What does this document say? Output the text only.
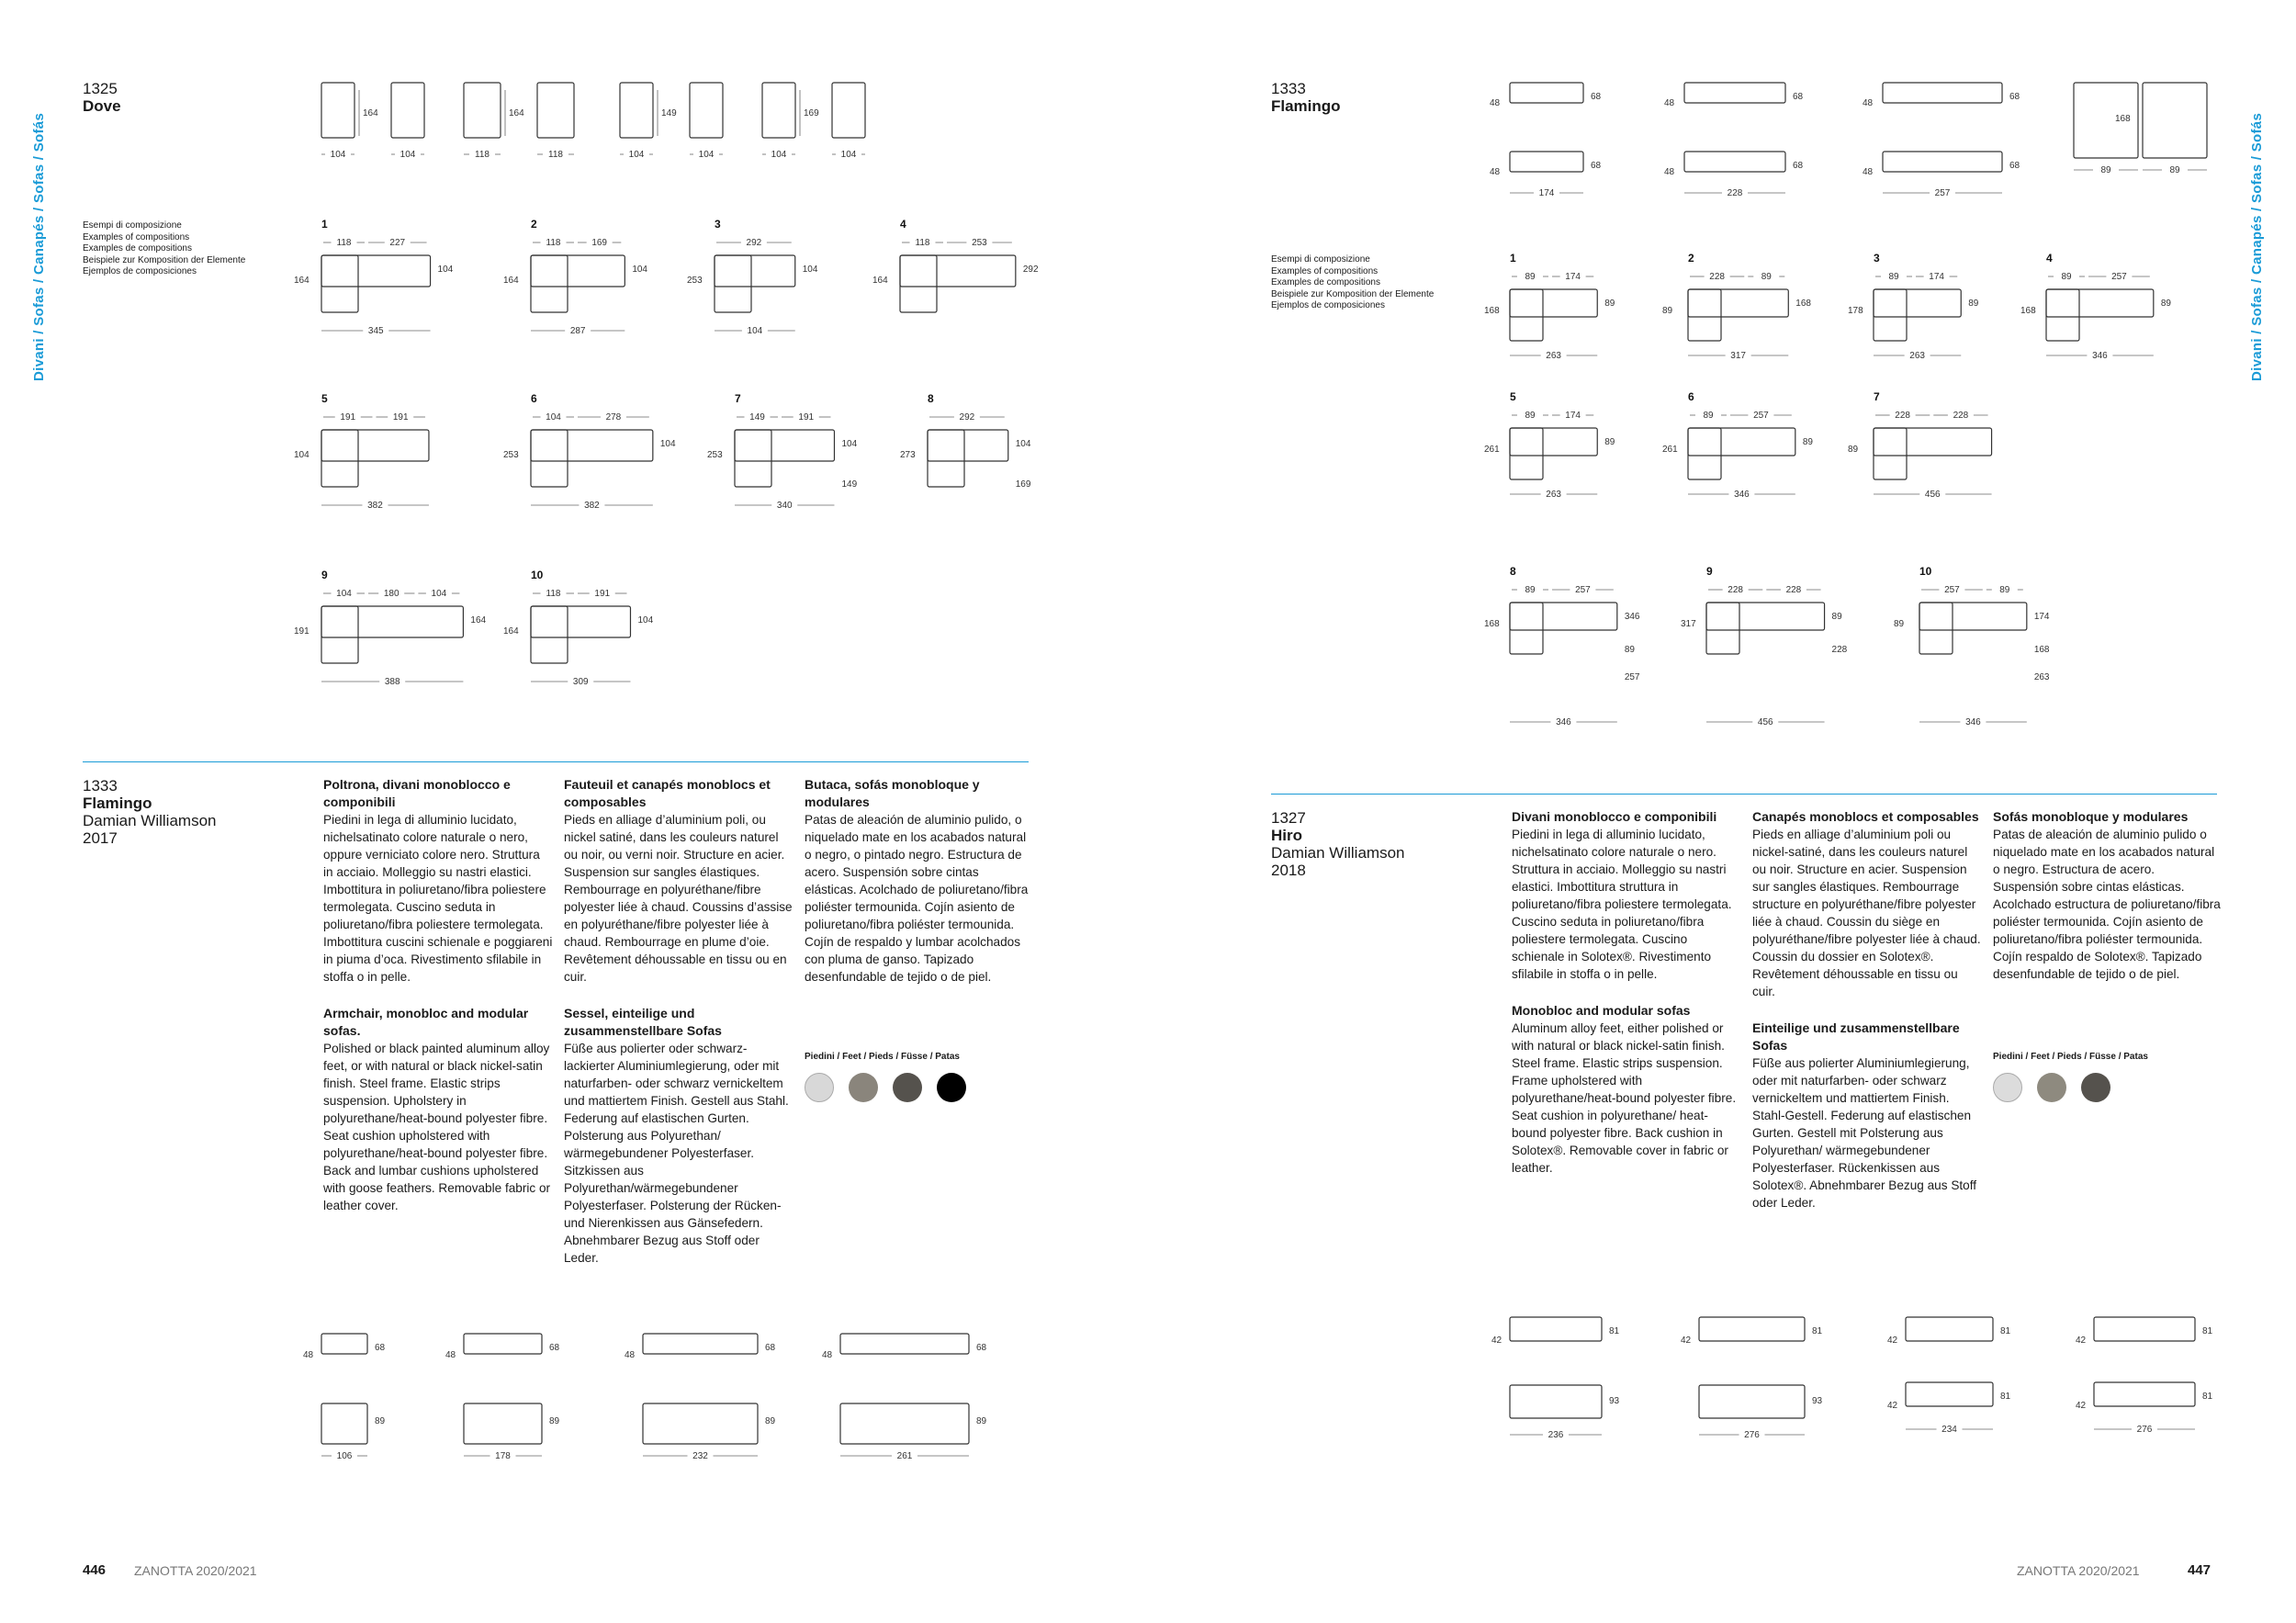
Divani / Sofas / Canapés / Sofas / Sofás	Divani / Sofas / Canapés / Sofas / Sofás
1325
Dove
Esempi di composizione
Examples of compositions
Examples de compositions
Beispiele zur Komposition der Elemente
Ejemplos de composiciones
1333
Flamingo
Damian Williamson
2017
Poltrona, divani monoblocco e componibili

Piedini in lega di alluminio lucidato, nichelsatinato colore naturale o nero, oppure verniciato colore nero. Struttura in acciaio. Molleggio su nastri elastici. Imbottitura in poliuretano/fibra poliestere termolegata. Cuscino seduta in poliuretano/fibra poliestere termolegata. Imbottitura cuscini schienale e poggiareni in piuma d’oca. Rivestimento sfilabile in stoffa o in pelle.

Armchair, monobloc and modular sofas.

Polished or black painted aluminum alloy feet, or with natural or black nickel-satin finish. Steel frame. Elastic strips suspension. Upholstery in polyurethane/heat-bound polyester fibre. Seat cushion upholstered with polyurethane/heat-bound polyester fibre. Back and lumbar cushions upholstered with goose feathers. Removable fabric or leather cover.

Fauteuil et canapés monoblocs et composables

Pieds en alliage d’aluminium poli, ou nickel satiné, dans les couleurs naturel ou noir, ou verni noir. Structure en acier. Suspension sur sangles élastiques. Rembourrage en polyuréthane/fibre polyester liée à chaud. Coussins d’assise en polyuréthane/fibre polyester liée à chaud. Rembourrage en plume d’oie. Revêtement déhoussable en tissu ou en cuir.

Sessel, einteilige und zusammenstellbare Sofas

Füße aus polierter oder schwarz-lackierter Aluminiumlegierung, oder mit naturfarben- oder schwarz vernickeltem und mattiertem Finish. Gestell aus Stahl. Federung auf elastischen Gurten. Polsterung aus Polyurethan/ wärmegebundener Polyesterfaser. Sitzkissen aus Polyurethan/wärmegebundener Polyesterfaser. Polsterung der Rücken- und Nierenkissen aus Gänsefedern. Abnehmbarer Bezug aus Stoff oder Leder.

Butaca, sofás monobloque y modulares

Patas de aleación de aluminio pulido, o niquelado mate en los acabados natural o negro, o pintado negro. Estructura de acero. Suspensión sobre cintas elásticas. Acolchado de poliuretano/fibra poliéster termounida. Cojín asiento de poliuretano/fibra poliéster termounida. Cojín de respaldo y lumbar acolchados con pluma de ganso. Tapizado desenfundable de tejido o de piel.

Piedini / Feet / Pieds / Füsse / Patas
446 ZANOTTA 2020/2021
1333
Flamingo
Esempi di composizione
Examples of compositions
Examples de compositions
Beispiele zur Komposition der Elemente
Ejemplos de composiciones
1327
Hiro
Damian Williamson
2018
Divani monoblocco e componibili

Piedini in lega di alluminio lucidato, nichelsatinato colore naturale o nero. Struttura in acciaio. Molleggio su nastri elastici. Imbottitura struttura in poliuretano/fibra poliestere termolegata. Cuscino seduta in poliuretano/fibra poliestere termolegata. Cuscino schienale in Solotex®. Rivestimento sfilabile in stoffa o in pelle.

Monobloc and modular sofas

Aluminum alloy feet, either polished or with natural or black nickel-satin finish. Steel frame. Elastic strips suspension. Frame upholstered with polyurethane/heat-bound polyester fibre. Seat cushion in polyurethane/ heat-bound polyester fibre. Back cushion in Solotex®. Removable cover in fabric or leather.

Canapés monoblocs et composables

Pieds en alliage d’aluminium poli ou nickel-satiné, dans les couleurs naturel ou noir. Structure en acier. Suspension sur sangles élastiques. Rembourrage structure en polyuréthane/fibre polyester liée à chaud. Coussin du siège en polyuréthane/fibre polyester liée à chaud. Coussin du dossier en Solotex®. Revêtement déhoussable en tissu ou cuir.

Einteilige und zusammenstellbare Sofas

Füße aus polierter Aluminiumlegierung, oder mit naturfarben- oder schwarz vernickeltem und mattiertem Finish. Stahl-Gestell. Federung auf elastischen Gurten. Gestell mit Polsterung aus Polyurethan/ wärmegebundener Polyesterfaser. Rückenkissen aus Solotex®. Abnehmbarer Bezug aus Stoff oder Leder.

Sofás monobloque y modulares

Patas de aleación de aluminio pulido o niquelado mate en los acabados natural o negro. Estructura de acero. Suspensión sobre cintas elásticas. Acolchado estructura de poliuretano/fibra poliéster termounida. Cojín asiento de poliuretano/fibra poliéster termounida. Cojín respaldo de Solotex®. Tapizado desenfundable de tejido o de piel.

Piedini / Feet / Pieds / Füsse / Patas
ZANOTTA 2020/2021	447
164
104	104
164
118	118
149
104	104
169
104	104
1
118	227
164
104
345
2
118	169
164
104
287
3
292
253
104
104
4
118	253
164
292
5
191	191
104
382
6
104	278
253
104
382
7
149	191
253
104
149
340
8
292
273
104
169
9
104	180	104
191
164
388
10
118	191
164
104
309
48
68
89
106
48
68
89
178
48
68
89
232
48
68
89
261
48
68
48
68
174
48
68
48
68
228
48
68
48
68
257
168
89	89
1
89	174
168
89
263
2
228	89
89
168
317
3
89	174
178
89
263
4
89	257
168
89
346
5
89	174
261
89
263
6
89	257
261
89
346
7
228	228
89
456
8
89	257
168
346
89
257
346
9
228	228
317
89
228
456
10
257	89
89
174
168
263
346
42
81
93
236
42
81
93
276
42
81
42
81
234
42
81
42
81
276
